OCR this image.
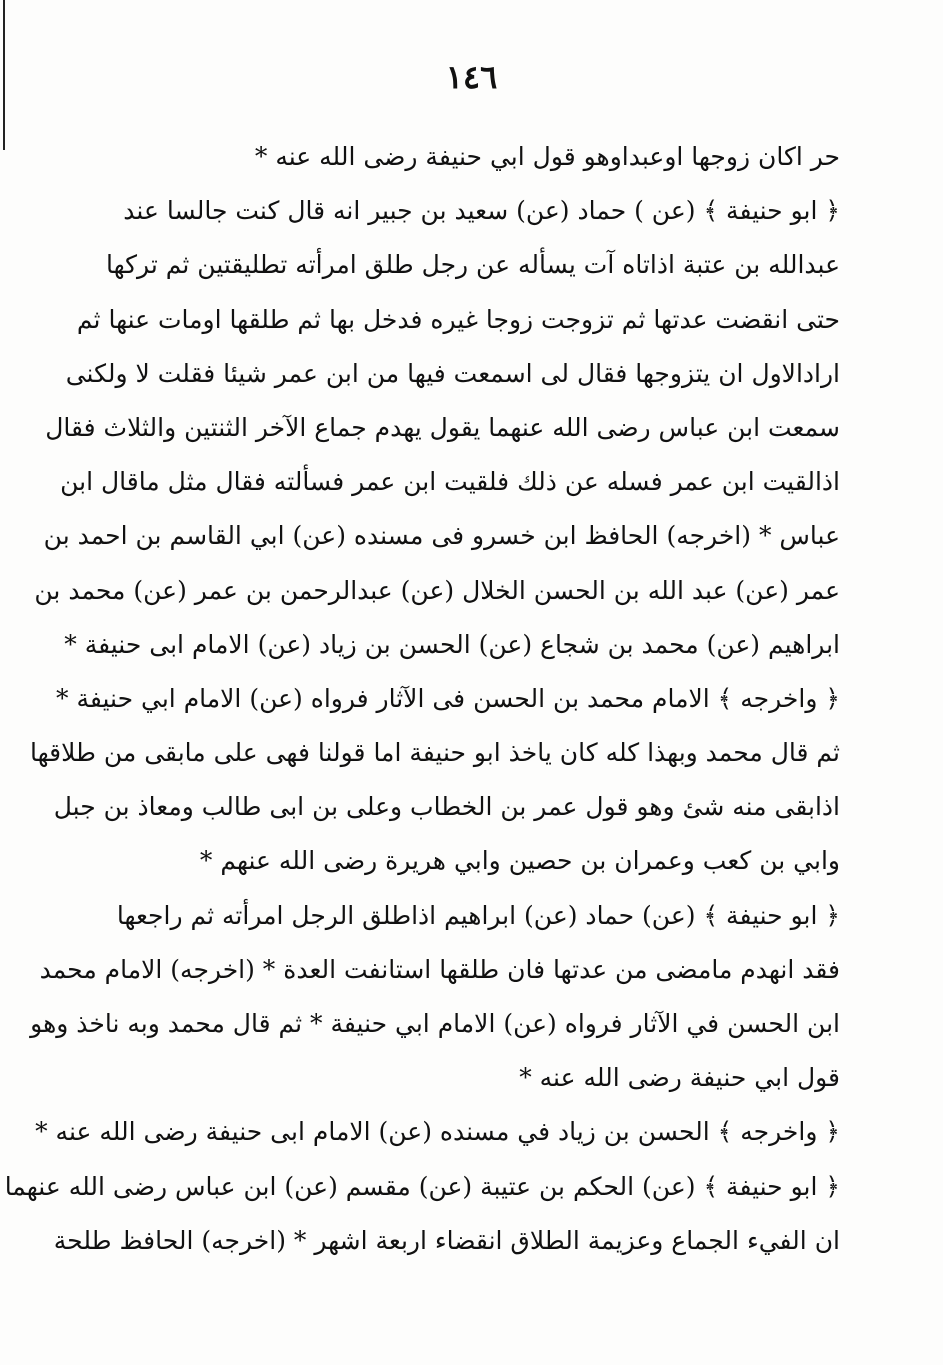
١٤٦
حر اكان زوجها اوعبداوهو قول ابي حنيفة رضى الله عنه *
﴿ ابو حنيفة ﴾ (عن ) حماد (عن) سعيد بن جبير انه قال كنت جالسا عند
عبدالله بن عتبة اذاتاه آت يسأله عن رجل طلق امرأته تطليقتين ثم تركها
حتى انقضت عدتها ثم تزوجت زوجا غيره فدخل بها ثم طلقها اومات عنها ثم
ارادالاول ان يتزوجها فقال لى اسمعت فيها من ابن عمر شيئا فقلت لا ولكنى
سمعت ابن عباس رضى الله عنهما يقول يهدم جماع الآخر الثنتين والثلاث فقال
اذالقيت ابن عمر فسله عن ذلك فلقيت ابن عمر فسألته فقال مثل ماقال ابن
عباس * (اخرجه) الحافظ ابن خسرو فى مسنده (عن) ابي القاسم بن احمد بن
عمر (عن) عبد الله بن الحسن الخلال (عن) عبدالرحمن بن عمر (عن) محمد بن
ابراهيم (عن) محمد بن شجاع (عن) الحسن بن زياد (عن) الامام ابى حنيفة *
﴿ واخرجه ﴾ الامام محمد بن الحسن فى الآثار فرواه (عن) الامام ابي حنيفة *
ثم قال محمد وبهذا كله كان ياخذ ابو حنيفة اما قولنا فهى على مابقى من طلاقها
اذابقى منه شئ وهو قول عمر بن الخطاب وعلى بن ابى طالب ومعاذ بن جبل
وابي بن كعب وعمران بن حصين وابي هريرة رضى الله عنهم *
﴿ ابو حنيفة ﴾ (عن) حماد (عن) ابراهيم اذاطلق الرجل امرأته ثم راجعها
فقد انهدم مامضى من عدتها فان طلقها استانفت العدة * (اخرجه) الامام محمد
ابن الحسن في الآثار فرواه (عن) الامام ابي حنيفة * ثم قال محمد وبه ناخذ وهو
قول ابي حنيفة رضى الله عنه *
﴿ واخرجه ﴾ الحسن بن زياد في مسنده (عن) الامام ابى حنيفة رضى الله عنه *
﴿ ابو حنيفة ﴾ (عن) الحكم بن عتيبة (عن) مقسم (عن) ابن عباس رضى الله عنهما
ان الفيء الجماع وعزيمة الطلاق انقضاء اربعة اشهر * (اخرجه) الحافظ طلحة
